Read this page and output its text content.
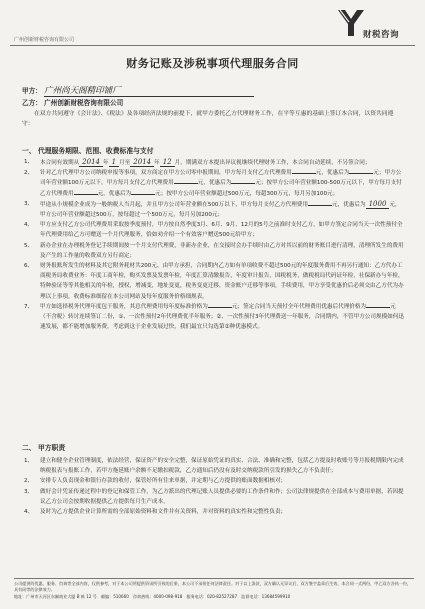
广州创新财税咨询有限公司	财税咨询
财务记账及涉税事项代理服务合同
甲方： 广州尚天阁精印铺厂
乙方： 广州创新财税咨询有限公司
在双方共同遵守《会计法》、《税法》及各项经济法规的前提下，就甲方委托乙方代理财务工作，在平等互惠的基础上签订本合同，以资共同遵守：
一、 代理服务期限、范围、收费标准与支付

1、 本合同有效期从 2014 年 1 月至 2014 年 12 月，期满双方本提出异议视继续代理财务工作，本合同自动延续，不另签合同；

2、 针对乙方代理甲方公司纳税申报等事项，双方商定在甲方公司零申报期间，甲方每月支付乙方代理费用	元，优惠后为	元；甲方公司年营业额100万元以下，甲方每月支付乙方代理费用	元，优惠后为	元；按甲方公司年营业额100-500万元以下，甲方每月支付乙方代理费用	元，优惠后为	元；按甲方公司年营业额超过500万元，每超300万元，每月另加100元；

3、 甲途从小规模企业成为一般纳税人当月起，并且甲方公司年营业额在500万以下，甲方每月支付乙方代理费用	元，优惠后为 1000 元，甲方公司年营业额超过500万，按每超过一个500万元，每月另加200元；

4、 甲方应支付乙方公司代理费用采取按季度预付，甲方按自然季度3月、6月、9月、12月的5号之前准时支付乙方，如甲方签定合同当天一次性预付全年代理费用给乙方可赠送一个月代理服务，恰如劝介绍一个有效客户赠送500元给甲方；

5、 新办企业在办理税务登记手续期间按一个月支付代理费，非新办企业，在交接时会办手续时由乙方对其以前的财务账目进行清理，清理所发生的费用及产生的工作量的收费双方另行商定；

6、 财务报账所发生的材料及其它附务耗材共200元，由甲方承担，合同期内乙方如有单项收费不超过500元的年度服务费用不再另行通知：乙方代办工商税务局收费业务：年度工商年检，购买发票及发票年检，年度汇算清缴报告，年度审计报告，国税税务，做税税局代码证年检，社保新办与年检，特种验证等等其他相关的年检，授权，增减变，地址变更，税务变更迁移，资金账户迁移等事项，手续费用，甲方享受优惠价后必须交由乙方代为办理以上事项，收费标准细留在本公司网站及每年度服务价格细规表。

7、 甲方如选择税务代理年度包干服务，其总代理费用每年度标准价格为	元；签定合同当天预付全年代理费用优惠后代理价格为	元（不含税）转讨连续签订二份，①、一次性预付2年代理费优半年服务；②、一次性预付3年代理费送一年服务，合同期内，不管甲方公司规模如何迅速发展，都不能增加服务费，考虑到这于企业发展过快，我们最宜只勾选第②种优惠模式。

二、 甲方职责

1、 建立和健全企业管理制度，依法经营，保证资产的安全完整，保证原始凭证的真实、合法、准确和完整，包括乙方提及时收账号等月报税期限内完成纳税报表与报账工作，若甲方拖延账户余额不足缴扣税款，乙方通知后仍没有及时交纳税款所引发的损失乙方不负责任；

2、 安排专人负责现金和银行存款的收付，保管好所有往来单据，并定期与乙方提供的账面数据相核对；

3、 做好会计凭证传递过程中的登记和保管工作，为乙方派出的代理记账人员提供必要的工作条件和作；公司法律规提供在全部成本与费用单据，若因提议乙方公司会按期收据提供乙方提供每月生产成本，

4、 及时为乙方提供企业计算所需的全部原始资料和文件并有关资料，并对资料的真实性和完整性负责；

公司提供的优惠、服务、咨询等全部内容，仅供参考，对于本公司所提供资讯所引致的后果，本公司不承担任何法律责任。对于以上条款，双方确认无异议后，双方签字盖章后生效，本合同一式两份，甲乙双方各执一份，具有同等的法律效力。
地址：广州市天河区东圃商业大厦 B 栋 12 号　邮编：510660　咨询热线：4000-098-918　服务电话：020-82527287　监督电话：13684599910
